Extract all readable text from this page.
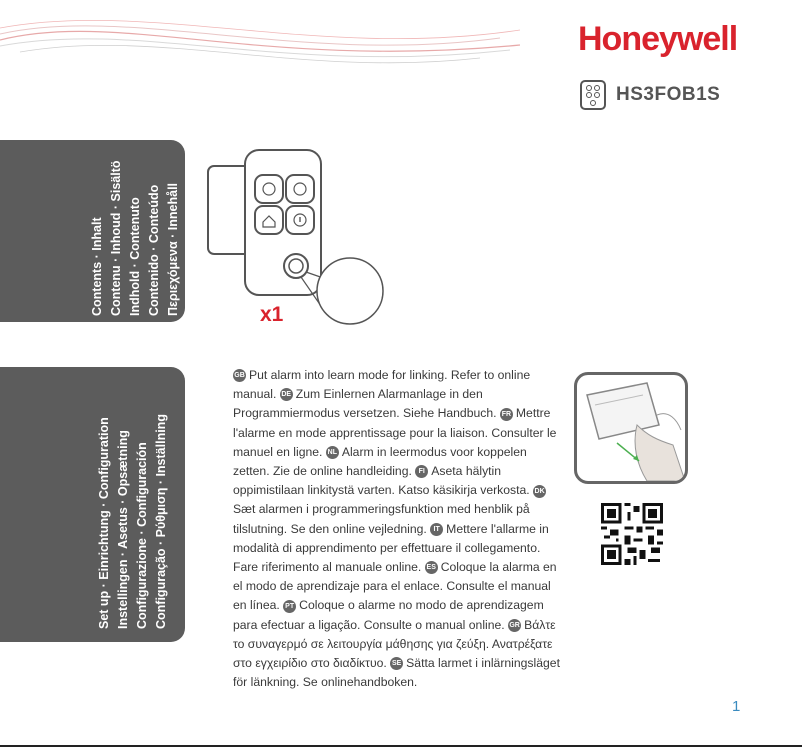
Honeywell
HS3FOB1S
Contents · Inhalt Contenu · Inhoud · Sisältö Indhold · Contenuto Contenido · Conteúdo Περιεχόμενα · Innehåll
Set up · Einrichtung · Configuration Instellingen · Asetus · Opsætning Configurazione · Configuración Configuração · Ρύθμιση · Inställning
x1
GB Put alarm into learn mode for linking. Refer to online manual. DE Zum Einlernen Alarmanlage in den Programmiermodus versetzen. Siehe Handbuch. FR Mettre l'alarme en mode apprentissage pour la liaison. Consulter le manuel en ligne. NL Alarm in leermodus voor koppelen zetten. Zie de online handleiding. FI Aseta hälytin oppimistilaan linkitystä varten. Katso käsikirja verkosta. DKSæt alarmen i programmeringsfunktion med henblik på tilslutning. Se den online vejledning. IT Mettere l'allarme in modalità di apprendimento per effettuare il collegamento. Fare riferimento al manuale online. ES Coloque la alarma en el modo de aprendizaje para el enlace. Consulte el manual en línea. PT Coloque o alarme no modo de aprendizagem para efectuar a ligação. Consulte o manual online. GR Βάλτε το συναγερμό σε λειτουργία μάθησης για ζεύξη. Ανατρέξατε στο εγχειρίδιο στο διαδίκτυο. SE Sätta larmet i inlärningsläget för länkning. Se onlinehandboken.
1
